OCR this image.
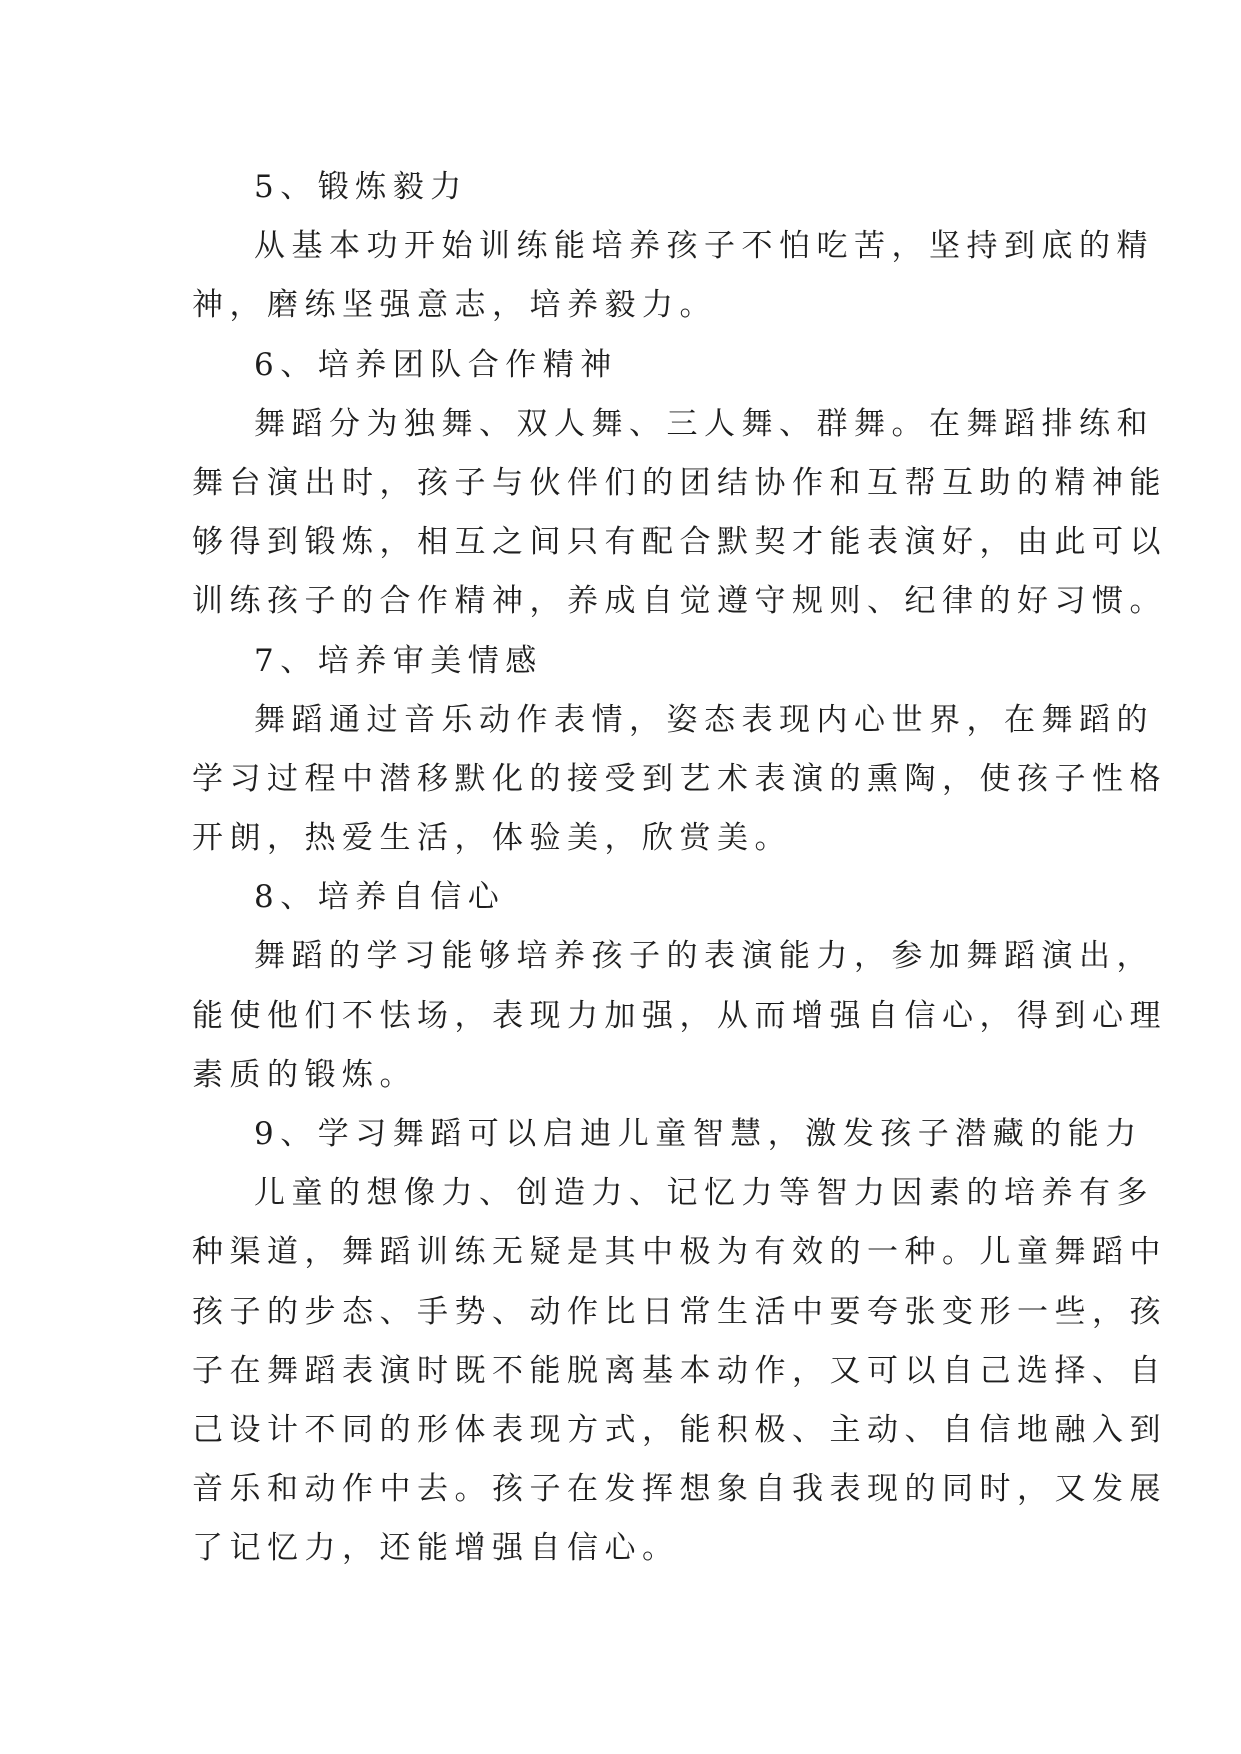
5、锻炼毅力
从基本功开始训练能培养孩子不怕吃苦，坚持到底的精
神，磨练坚强意志，培养毅力。
6、培养团队合作精神
舞蹈分为独舞、双人舞、三人舞、群舞。在舞蹈排练和
舞台演出时，孩子与伙伴们的团结协作和互帮互助的精神能
够得到锻炼，相互之间只有配合默契才能表演好，由此可以
训练孩子的合作精神，养成自觉遵守规则、纪律的好习惯。
7、培养审美情感
舞蹈通过音乐动作表情，姿态表现内心世界，在舞蹈的
学习过程中潜移默化的接受到艺术表演的熏陶，使孩子性格
开朗，热爱生活，体验美，欣赏美。
8、培养自信心
舞蹈的学习能够培养孩子的表演能力，参加舞蹈演出，
能使他们不怯场，表现力加强，从而增强自信心，得到心理
素质的锻炼。
9、学习舞蹈可以启迪儿童智慧，激发孩子潜藏的能力
儿童的想像力、创造力、记忆力等智力因素的培养有多
种渠道，舞蹈训练无疑是其中极为有效的一种。儿童舞蹈中
孩子的步态、手势、动作比日常生活中要夸张变形一些，孩
子在舞蹈表演时既不能脱离基本动作，又可以自己选择、自
己设计不同的形体表现方式，能积极、主动、自信地融入到
音乐和动作中去。孩子在发挥想象自我表现的同时，又发展
了记忆力，还能增强自信心。
